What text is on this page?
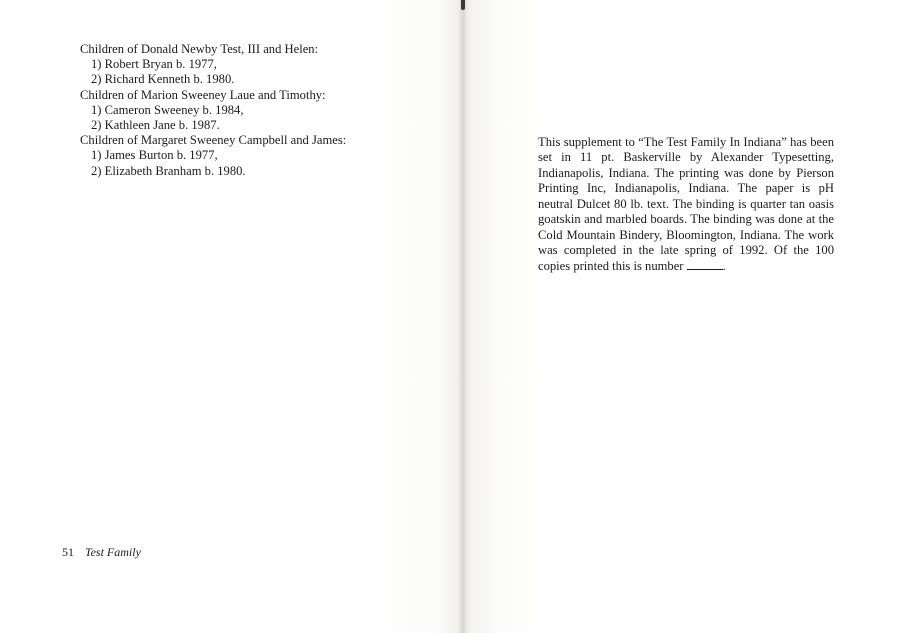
Children of Donald Newby Test, III and Helen:
1) Robert Bryan b. 1977,
2) Richard Kenneth b. 1980.
Children of Marion Sweeney Laue and Timothy:
1) Cameron Sweeney b. 1984,
2) Kathleen Jane b. 1987.
Children of Margaret Sweeney Campbell and James:
1) James Burton b. 1977,
2) Elizabeth Branham b. 1980.
51 Test Family

This supplement to “The Test Family In Indiana” has been set in 11 pt. Baskerville by Alexander Typesetting, Indianapolis, Indiana. The printing was done by Pierson Printing Inc, Indianapolis, Indiana. The paper is pH neutral Dulcet 80 lb. text. The binding is quarter tan oasis goatskin and marbled boards. The binding was done at the Cold Mountain Bindery, Bloomington, Indiana. The work was completed in the late spring of 1992. Of the 100 copies printed this is number	.
